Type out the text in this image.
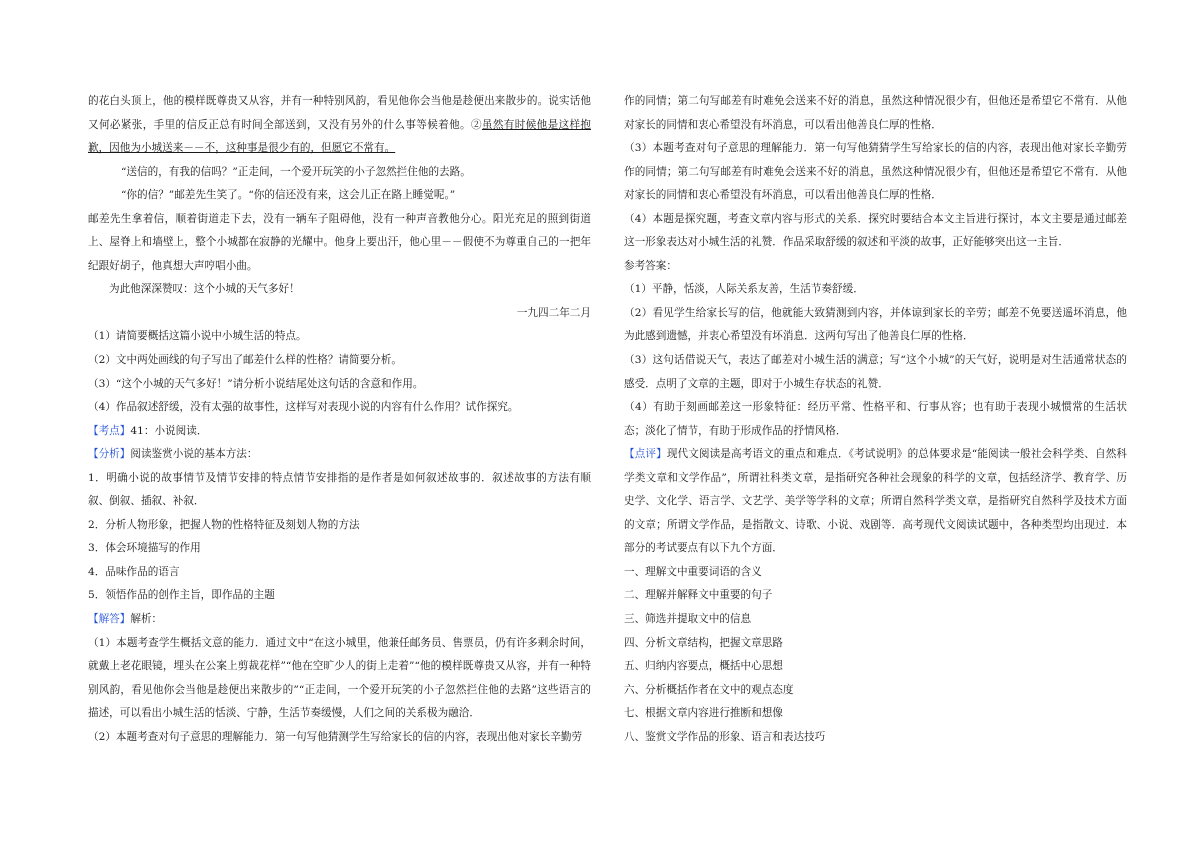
的花白头顶上，他的模样既尊贵又从容，并有一种特别风韵，看见他你会当他是趁便出来散步的。说实话他又何必紧张，手里的信反正总有时间全部送到，又没有另外的什么事等候着他。②虽然有时候他是这样抱歉，因他为小城送来－－不，这种事是很少有的，但愿它不常有。

“送信的，有我的信吗？”正走间，一个爱开玩笑的小子忽然拦住他的去路。

“你的信？”邮差先生笑了。“你的信还没有来，这会儿正在路上睡觉呢。”

邮差先生拿着信，顺着街道走下去，没有一辆车子阻碍他，没有一种声音教他分心。阳光充足的照到街道上、屋脊上和墙壁上，整个小城都在寂静的光耀中。他身上要出汗，他心里－－假使不为尊重自己的一把年纪跟好胡子，他真想大声哼唱小曲。

为此他深深赞叹：这个小城的天气多好！

一九四二年二月

（1）请简要概括这篇小说中小城生活的特点。

（2）文中两处画线的句子写出了邮差什么样的性格？请简要分析。

（3）“这个小城的天气多好！”请分析小说结尾处这句话的含意和作用。

（4）作品叙述舒缓，没有太强的故事性，这样写对表现小说的内容有什么作用？试作探究。

【考点】41：小说阅读．

【分析】阅读鉴赏小说的基本方法：

1．明确小说的故事情节及情节安排的特点情节安排指的是作者是如何叙述故事的．叙述故事的方法有顺叙、倒叙、插叙、补叙．

2．分析人物形象，把握人物的性格特征及刻划人物的方法

3．体会环境描写的作用

4．品味作品的语言

5．领悟作品的创作主旨，即作品的主题

【解答】解析：

（1）本题考查学生概括文意的能力．通过文中“在这小城里，他兼任邮务员、售票员，仍有许多剩余时间，就戴上老花眼镜，埋头在公案上剪裁花样”“他在空旷少人的街上走着”“他的模样既尊贵又从容，并有一种特别风韵，看见他你会当他是趁便出来散步的”“正走间，一个爱开玩笑的小子忽然拦住他的去路”这些语言的描述，可以看出小城生活的恬淡、宁静，生活节奏缓慢，人们之间的关系极为融洽．

（2）本题考查对句子意思的理解能力．第一句写他猜测学生写给家长的信的内容，表现出他对家长辛勤劳

作的同情；第二句写邮差有时难免会送来不好的消息，虽然这种情况很少有，但他还是希望它不常有．从他对家长的同情和衷心希望没有坏消息，可以看出他善良仁厚的性格．

（3）本题考查对句子意思的理解能力．第一句写他猜猜学生写给家长的信的内容，表现出他对家长辛勤劳作的同情；第二句写邮差有时难免会送来不好的消息，虽然这种情况很少有，但他还是希望它不常有．从他对家长的同情和衷心希望没有坏消息，可以看出他善良仁厚的性格．

（4）本题是探究题，考查文章内容与形式的关系．探究时要结合本文主旨进行探讨，本文主要是通过邮差这一形象表达对小城生活的礼赞．作品采取舒缓的叙述和平淡的故事，正好能够突出这一主旨．

参考答案：

（1）平静，恬淡，人际关系友善，生活节奏舒缓．

（2）看见学生给家长写的信，他就能大致猜测到内容，并体谅到家长的辛劳；邮差不免要送遥坏消息，他为此感到遗憾，并衷心希望没有坏消息．这两句写出了他善良仁厚的性格．

（3）这句话借说天气，表达了邮差对小城生活的满意；写“这个小城”的天气好，说明是对生活通常状态的感受．点明了文章的主题，即对于小城生存状态的礼赞．

（4）有助于刻画邮差这一形象特征：经历平常、性格平和、行事从容；也有助于表现小城惯常的生活状态；淡化了情节，有助于形成作品的抒情风格．

【点评】现代文阅读是高考语文的重点和难点．《考试说明》的总体要求是“能阅读一般社会科学类、自然科学类文章和文学作品”，所谓社科类文章，是指研究各种社会现象的科学的文章，包括经济学、教育学、历史学、文化学、语言学、文艺学、美学等学科的文章；所谓自然科学类文章，是指研究自然科学及技术方面的文章；所谓文学作品，是指散文、诗歌、小说、戏剧等．高考现代文阅读试题中，各种类型均出现过．本部分的考试要点有以下九个方面．

一、理解文中重要词语的含义

二、理解并解释文中重要的句子

三、筛选并提取文中的信息

四、分析文章结构，把握文章思路

五、归纳内容要点，概括中心思想

六、分析概括作者在文中的观点态度

七、根据文章内容进行推断和想像

八、鉴赏文学作品的形象、语言和表达技巧
